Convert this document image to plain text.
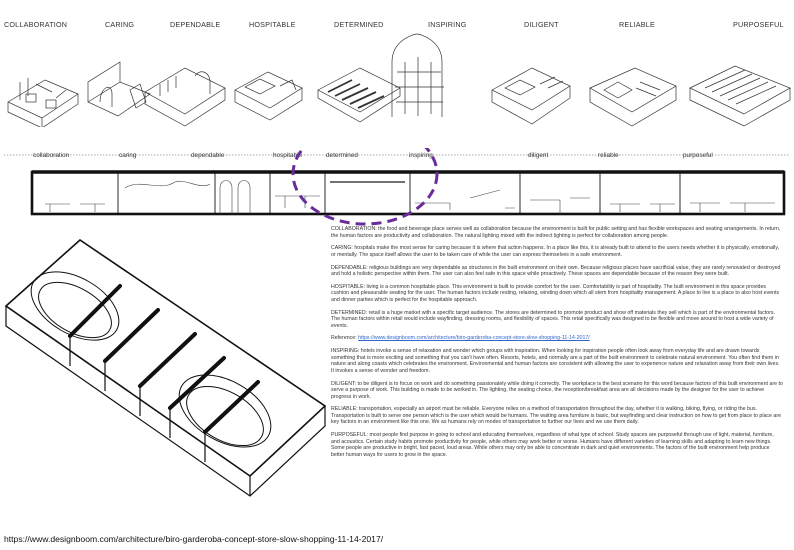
COLLABORATION	CARING	DEPENDABLE	HOSPITABLE	DETERMINED	INSPIRING	DILIGENT	RELIABLE	PURPOSEFUL
collaboration	caring	dependable	hospitable	determined	inspiring	diligent	reliable	purposeful

COLLABORATION: the food and beverage place serves well as collaboration because the environment is built for public setting and has flexible workspaces and seating arrangements. In return, the human factors are productivity and collaboration. The natural lighting mixed with the indirect lighting is perfect for collaboration among people.

CARING: hospitals make the most sense for caring because it is where that action happens. In a place like this, it is already built to attend to the users needs whether it is physically, emotionally, or mentally. The space itself allows the user to be taken care of while the user can express themselves in a safe environment.

DEPENDABLE: religious buildings are very dependable as structures in the built environment on their own. Because religious places have sacrificial value, they are rarely renovated or destroyed and hold a holistic perspective within them. The user can also feel safe in this space while proactively. These spaces are dependable because of the reason they were built.

HOSPITABLE: living is a common hospitable place. This environment is built to provide comfort for the user. Comfortability is part of hospitality. The built environment in this space provides cushion and pleasurable seating for the user. The human factors include resting, relaxing, winding down which all stem from hospitality management. A place to live is a place to also host events and dinner parties which is perfect for the hospitable approach.

DETERMINED: retail is a huge market with a specific target audience. The stores are determined to promote product and show off materials they sell which is part of the environmental factors. The human factors within retail would include wayfinding, dressing rooms, and flexibility of spaces. This retail specifically was designed to be flexible and move around to host a wide variety of events.

Reference: https://www.designboom.com/architecture/biro-garderoba-concept-store-slow-shopping-11-14-2017/

INSPIRING: hotels invoke a sense of relaxation and wonder which groups with inspiration. When looking for inspiration people often look away from everyday life and are drawn towards something that is more exciting and something that you can't have often. Resorts, hotels, and normally are a part of the built environment to celebrate natural environment. You often find them in nature and along coasts which celebrates the environment. Environmental and human factors are consistent with allowing the user to experience nature and relaxation away from their own lives. It invokes a sense of wonder and freedom.

DILIGENT: to be diligent is to focus on work and do something passionately while doing it correctly. The workplace is the best scenario for this word because factors of this built environment are to serve a purpose of work. This building is made to be worked in. The lighting, the seating choice, the reception/breakfast area are all decisions made by the designer for the user to achieve progress in work.

RELIABLE: transportation, especially an airport must be reliable. Everyone relies on a method of transportation throughout the day, whether it is walking, biking, flying, or riding the bus. Transportation is built to serve one person which is the user which would be humans. The waiting area furniture is basic, but wayfinding and clear instruction on how to get from place to place are key factors in an environment like this one. We as humans rely on modes of transportation to further our lives and we use them daily.

PURPOSEFUL: most people find purpose in going to school and educating themselves, regardless of what type of school. Study spaces are purposeful through use of light, material, furniture, and acoustics. Certain study habits promote productivity for people, while others may work better or worse. Humans have different varieties of learning skills and adapting to learn new things. Some people are productive in bright, fast paced, loud areas. While others may only be able to concentrate in dark and quiet environments. The factors of the built environment help produce better human ways for users to grow in the space.

https://www.designboom.com/architecture/biro-garderoba-concept-store-slow-shopping-11-14-2017/
